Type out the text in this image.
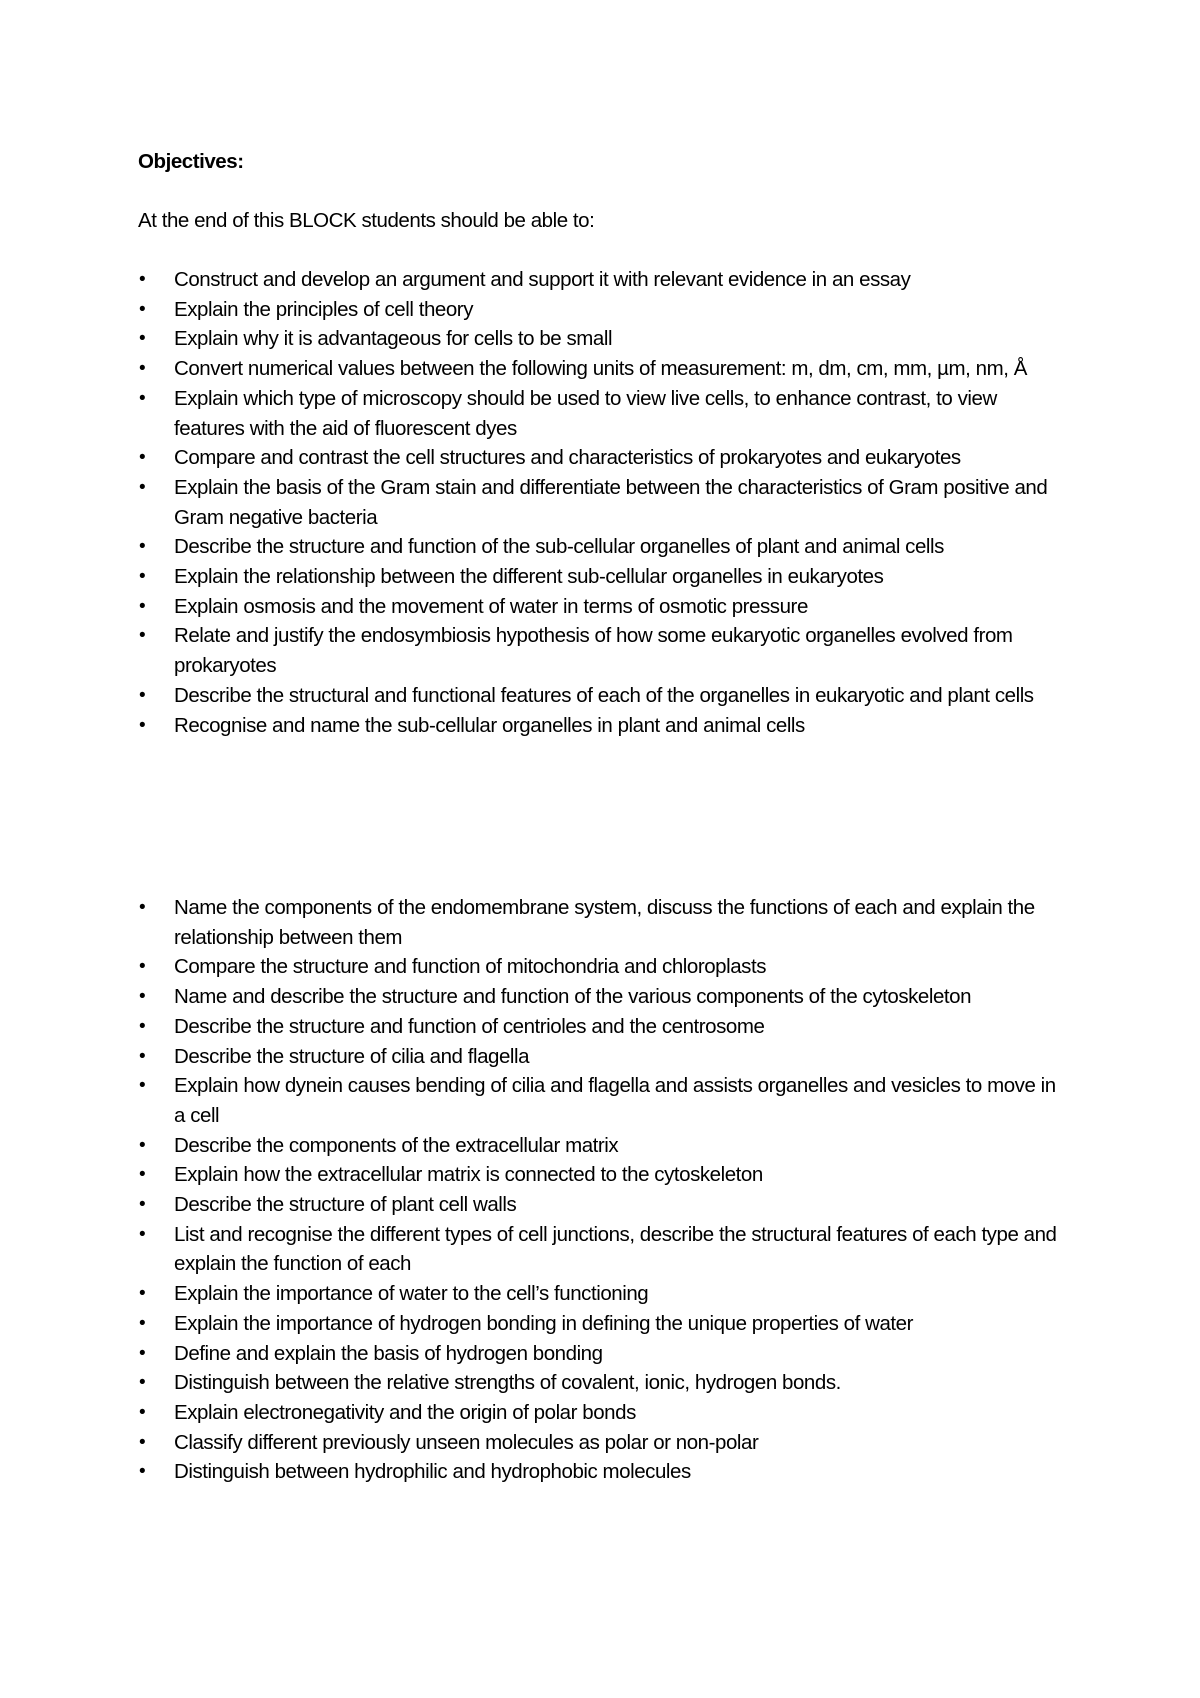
Objectives:

At the end of this BLOCK students should be able to:

• Construct and develop an argument and support it with relevant evidence in an essay
• Explain the principles of cell theory
• Explain why it is advantageous for cells to be small
• Convert numerical values between the following units of measurement: m, dm, cm, mm, µm, nm, Å
• Explain which type of microscopy should be used to view live cells, to enhance contrast, to view features with the aid of fluorescent dyes
• Compare and contrast the cell structures and characteristics of prokaryotes and eukaryotes
• Explain the basis of the Gram stain and differentiate between the characteristics of Gram positive and Gram negative bacteria
• Describe the structure and function of the sub-cellular organelles of plant and animal cells
• Explain the relationship between the different sub-cellular organelles in eukaryotes
• Explain osmosis and the movement of water in terms of osmotic pressure
• Relate and justify the endosymbiosis hypothesis of how some eukaryotic organelles evolved from prokaryotes
• Describe the structural and functional features of each of the organelles in eukaryotic and plant cells
• Recognise and name the sub-cellular organelles in plant and animal cells
• Name the components of the endomembrane system, discuss the functions of each and explain the relationship between them
• Compare the structure and function of mitochondria and chloroplasts
• Name and describe the structure and function of the various components of the cytoskeleton
• Describe the structure and function of centrioles and the centrosome
• Describe the structure of cilia and flagella
• Explain how dynein causes bending of cilia and flagella and assists organelles and vesicles to move in a cell
• Describe the components of the extracellular matrix
• Explain how the extracellular matrix is connected to the cytoskeleton
• Describe the structure of plant cell walls
• List and recognise the different types of cell junctions, describe the structural features of each type and explain the function of each
• Explain the importance of water to the cell’s functioning
• Explain the importance of hydrogen bonding in defining the unique properties of water
• Define and explain the basis of hydrogen bonding
• Distinguish between the relative strengths of covalent, ionic, hydrogen bonds.
• Explain electronegativity and the origin of polar bonds
• Classify different previously unseen molecules as polar or non-polar
• Distinguish between hydrophilic and hydrophobic molecules
